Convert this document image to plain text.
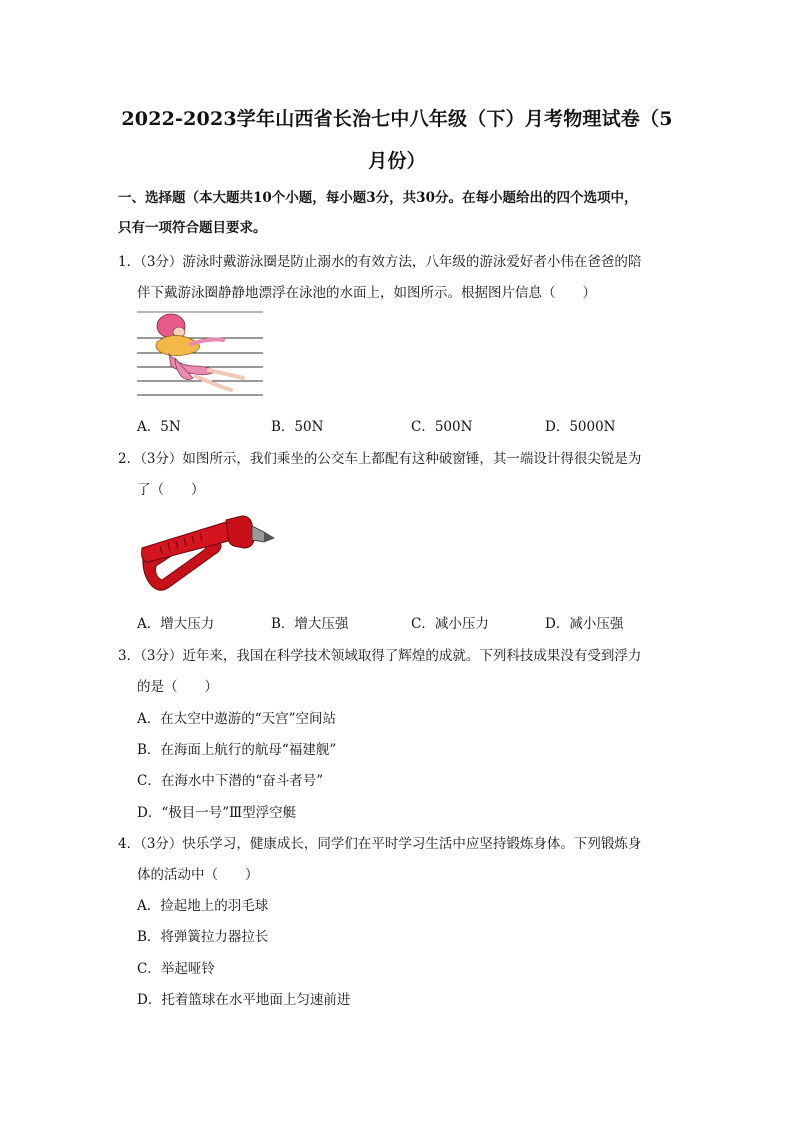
2022-2023学年山西省长治七中八年级（下）月考物理试卷（5
月份）
一、选择题（本大题共10个小题，每小题3分，共30分。在每小题给出的四个选项中，
只有一项符合题目要求。
1．（3分）游泳时戴游泳圈是防止溺水的有效方法，八年级的游泳爱好者小伟在爸爸的陪
伴下戴游泳圈静静地漂浮在泳池的水面上，如图所示。根据图片信息（　　）
A．5N	B．50N	C．500N	D．5000N
2．（3分）如图所示，我们乘坐的公交车上都配有这种破窗锤，其一端设计得很尖锐是为
了（　　）
A．增大压力	B．增大压强	C．减小压力	D．减小压强
3．（3分）近年来，我国在科学技术领域取得了辉煌的成就。下列科技成果没有受到浮力
的是（　　）
A．在太空中遨游的“天宫”空间站
B．在海面上航行的航母“福建舰”
C．在海水中下潜的“奋斗者号”
D．“极目一号”Ⅲ型浮空艇
4．（3分）快乐学习，健康成长，同学们在平时学习生活中应坚持锻炼身体。下列锻炼身
体的活动中（　　）
A．捡起地上的羽毛球
B．将弹簧拉力器拉长
C．举起哑铃
D．托着篮球在水平地面上匀速前进
